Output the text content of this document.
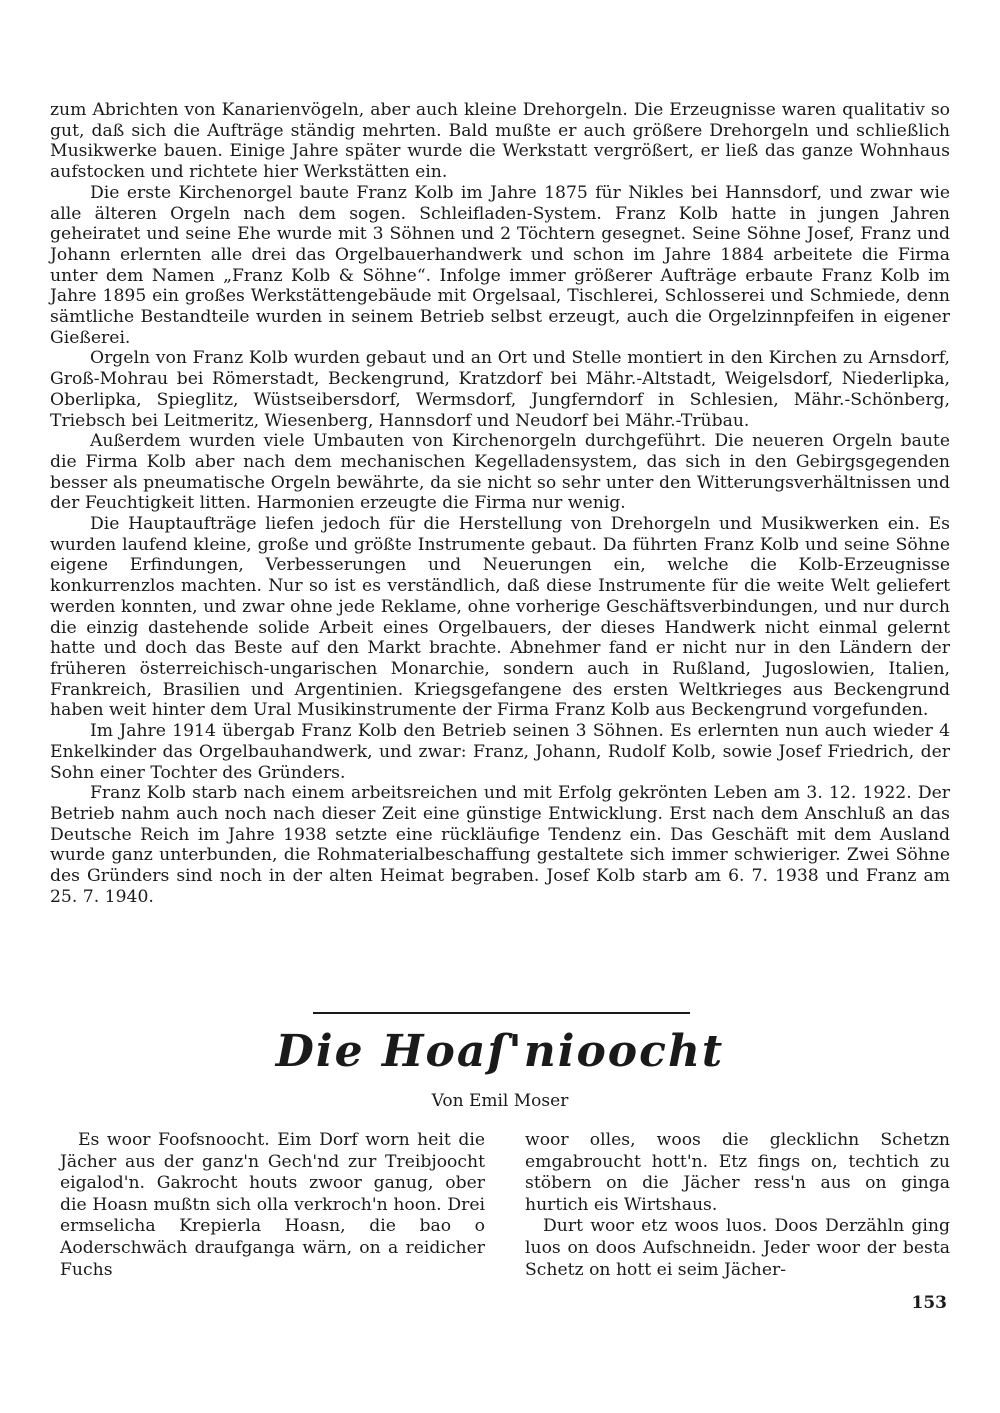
zum Abrichten von Kanarienvögeln, aber auch kleine Drehorgeln. Die Erzeugnisse waren qualitativ so gut, daß sich die Aufträge ständig mehrten. Bald mußte er auch größere Drehorgeln und schließlich Musikwerke bauen. Einige Jahre später wurde die Werkstatt vergrößert, er ließ das ganze Wohnhaus aufstocken und richtete hier Werkstätten ein.

Die erste Kirchenorgel baute Franz Kolb im Jahre 1875 für Nikles bei Hannsdorf, und zwar wie alle älteren Orgeln nach dem sogen. Schleifladen-System. Franz Kolb hatte in jungen Jahren geheiratet und seine Ehe wurde mit 3 Söhnen und 2 Töchtern gesegnet. Seine Söhne Josef, Franz und Johann erlernten alle drei das Orgelbauerhandwerk und schon im Jahre 1884 arbeitete die Firma unter dem Namen „Franz Kolb & Söhne“. Infolge immer größerer Aufträge erbaute Franz Kolb im Jahre 1895 ein großes Werkstättengebäude mit Orgelsaal, Tischlerei, Schlosserei und Schmiede, denn sämtliche Bestandteile wurden in seinem Betrieb selbst erzeugt, auch die Orgelzinnpfeifen in eigener Gießerei.

Orgeln von Franz Kolb wurden gebaut und an Ort und Stelle montiert in den Kirchen zu Arnsdorf, Groß-Mohrau bei Römerstadt, Beckengrund, Kratzdorf bei Mähr.-Altstadt, Weigelsdorf, Niederlipka, Oberlipka, Spieglitz, Wüstseibersdorf, Wermsdorf, Jungferndorf in Schlesien, Mähr.-Schönberg, Triebsch bei Leitmeritz, Wiesenberg, Hannsdorf und Neudorf bei Mähr.-Trübau.

Außerdem wurden viele Umbauten von Kirchenorgeln durchgeführt. Die neueren Orgeln baute die Firma Kolb aber nach dem mechanischen Kegelladensystem, das sich in den Gebirgsgegenden besser als pneumatische Orgeln bewährte, da sie nicht so sehr unter den Witterungsverhältnissen und der Feuchtigkeit litten. Harmonien erzeugte die Firma nur wenig.

Die Hauptaufträge liefen jedoch für die Herstellung von Drehorgeln und Musikwerken ein. Es wurden laufend kleine, große und größte Instrumente gebaut. Da führten Franz Kolb und seine Söhne eigene Erfindungen, Verbesserungen und Neuerungen ein, welche die Kolb-Erzeugnisse konkurrenzlos machten. Nur so ist es verständlich, daß diese Instrumente für die weite Welt geliefert werden konnten, und zwar ohne jede Reklame, ohne vorherige Geschäftsverbindungen, und nur durch die einzig dastehende solide Arbeit eines Orgelbauers, der dieses Handwerk nicht einmal gelernt hatte und doch das Beste auf den Markt brachte. Abnehmer fand er nicht nur in den Ländern der früheren österreichisch-ungarischen Monarchie, sondern auch in Rußland, Jugoslowien, Italien, Frankreich, Brasilien und Argentinien. Kriegsgefangene des ersten Weltkrieges aus Beckengrund haben weit hinter dem Ural Musikinstrumente der Firma Franz Kolb aus Beckengrund vorgefunden.

Im Jahre 1914 übergab Franz Kolb den Betrieb seinen 3 Söhnen. Es erlernten nun auch wieder 4 Enkelkinder das Orgelbauhandwerk, und zwar: Franz, Johann, Rudolf Kolb, sowie Josef Friedrich, der Sohn einer Tochter des Gründers.

Franz Kolb starb nach einem arbeitsreichen und mit Erfolg gekrönten Leben am 3. 12. 1922. Der Betrieb nahm auch noch nach dieser Zeit eine günstige Entwicklung. Erst nach dem Anschluß an das Deutsche Reich im Jahre 1938 setzte eine rückläufige Tendenz ein. Das Geschäft mit dem Ausland wurde ganz unterbunden, die Rohmaterialbeschaffung gestaltete sich immer schwieriger. Zwei Söhne des Gründers sind noch in der alten Heimat begraben. Josef Kolb starb am 6. 7. 1938 und Franz am 25. 7. 1940.

Die Hoaſ'nioocht
Von Emil Moser

Es woor Foofsnoocht. Eim Dorf worn heit die Jächer aus der ganz'n Gech'nd zur Treibjoocht eigalod'n. Gakrocht houts zwoor ganug, ober die Hoasn mußtn sich olla verkroch'n hoon. Drei ermselicha Krepierla Hoasn, die bao o Aoderschwäch draufganga wärn, on a reidicher Fuchs

woor olles, woos die glecklichn Schetzn emgabroucht hott'n. Etz fings on, techtich zu stöbern on die Jächer ress'n aus on ginga hurtich eis Wirtshaus.

Durt woor etz woos luos. Doos Derzähln ging luos on doos Aufschneidn. Jeder woor der besta Schetz on hott ei seim Jächer-

153
